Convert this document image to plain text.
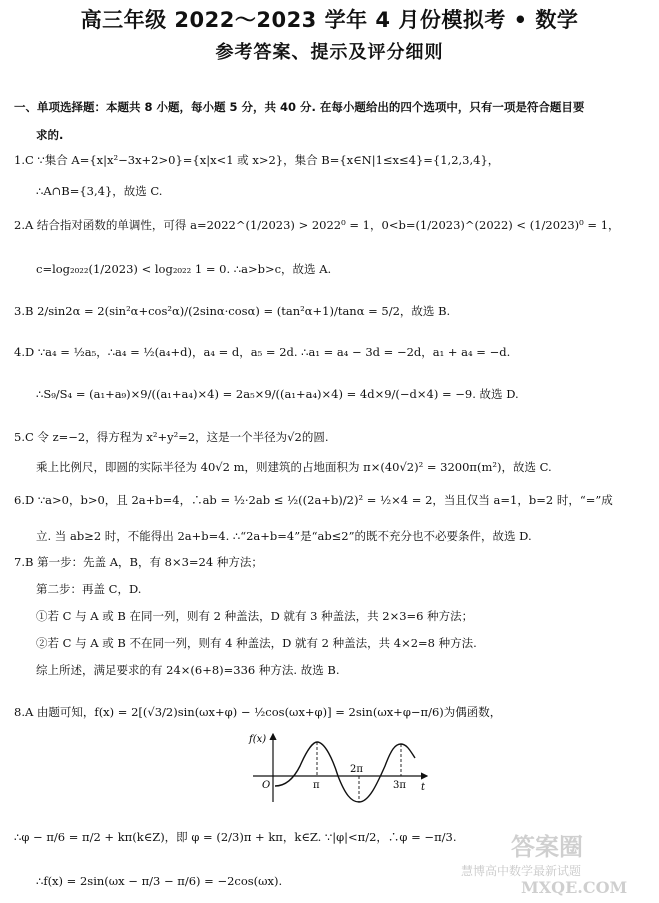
高三年级 2022～2023 学年 4 月份模拟考 • 数学
参考答案、提示及评分细则
一、单项选择题：本题共 8 小题，每小题 5 分，共 40 分. 在每小题给出的四个选项中，只有一项是符合题目要
求的.
1.C ∵集合 A={x|x²−3x+2>0}={x|x<1 或 x>2}，集合 B={x∈N|1≤x≤4}={1,2,3,4}，
∴A∩B={3,4}，故选 C.
2.A 结合指对函数的单调性，可得 a=2022^(1/2023) > 2022⁰ = 1，0<b=(1/2023)^(2022) < (1/2023)⁰ = 1，
c=log₂₀₂₂(1/2023) < log₂₀₂₂ 1 = 0. ∴a>b>c，故选 A.
3.B 2/sin2α = 2(sin²α+cos²α)/(2sinα·cosα) = (tan²α+1)/tanα = 5/2，故选 B.
4.D ∵a₄ = ½a₅，∴a₄ = ½(a₄+d)，a₄ = d，a₅ = 2d. ∴a₁ = a₄ − 3d = −2d，a₁ + a₄ = −d.
∴S₉/S₄ = (a₁+a₉)×9/((a₁+a₄)×4) = 2a₅×9/((a₁+a₄)×4) = 4d×9/(−d×4) = −9. 故选 D.
5.C 令 z=−2，得方程为 x²+y²=2，这是一个半径为√2的圆.
乘上比例尺，即圆的实际半径为 40√2 m，则建筑的占地面积为 π×(40√2)² = 3200π(m²)，故选 C.
6.D ∵a>0，b>0，且 2a+b=4，∴ab = ½·2ab ≤ ½((2a+b)/2)² = ½×4 = 2，当且仅当 a=1，b=2 时，“=”成
立. 当 ab≥2 时，不能得出 2a+b=4. ∴“2a+b=4”是“ab≤2”的既不充分也不必要条件，故选 D.
7.B 第一步：先盖 A，B，有 8×3=24 种方法；
第二步：再盖 C，D.
①若 C 与 A 或 B 在同一列，则有 2 种盖法，D 就有 3 种盖法，共 2×3=6 种方法；
②若 C 与 A 或 B 不在同一列，则有 4 种盖法，D 就有 2 种盖法，共 4×2=8 种方法.
综上所述，满足要求的有 24×(6+8)=336 种方法. 故选 B.
8.A 由题可知，f(x) = 2[(√3/2)sin(ωx+φ) − ½cos(ωx+φ)] = 2sin(ωx+φ−π/6)为偶函数，
f(x)
O	π
2π
3π t
∴φ − π/6 = π/2 + kπ(k∈Z)，即 φ = (2/3)π + kπ，k∈Z. ∵|φ|<π/2，∴φ = −π/3.
∴f(x) = 2sin(ωx − π/3 − π/6) = −2cos(ωx).
答案圈
慧博高中数学最新试题
MXQE.COM
